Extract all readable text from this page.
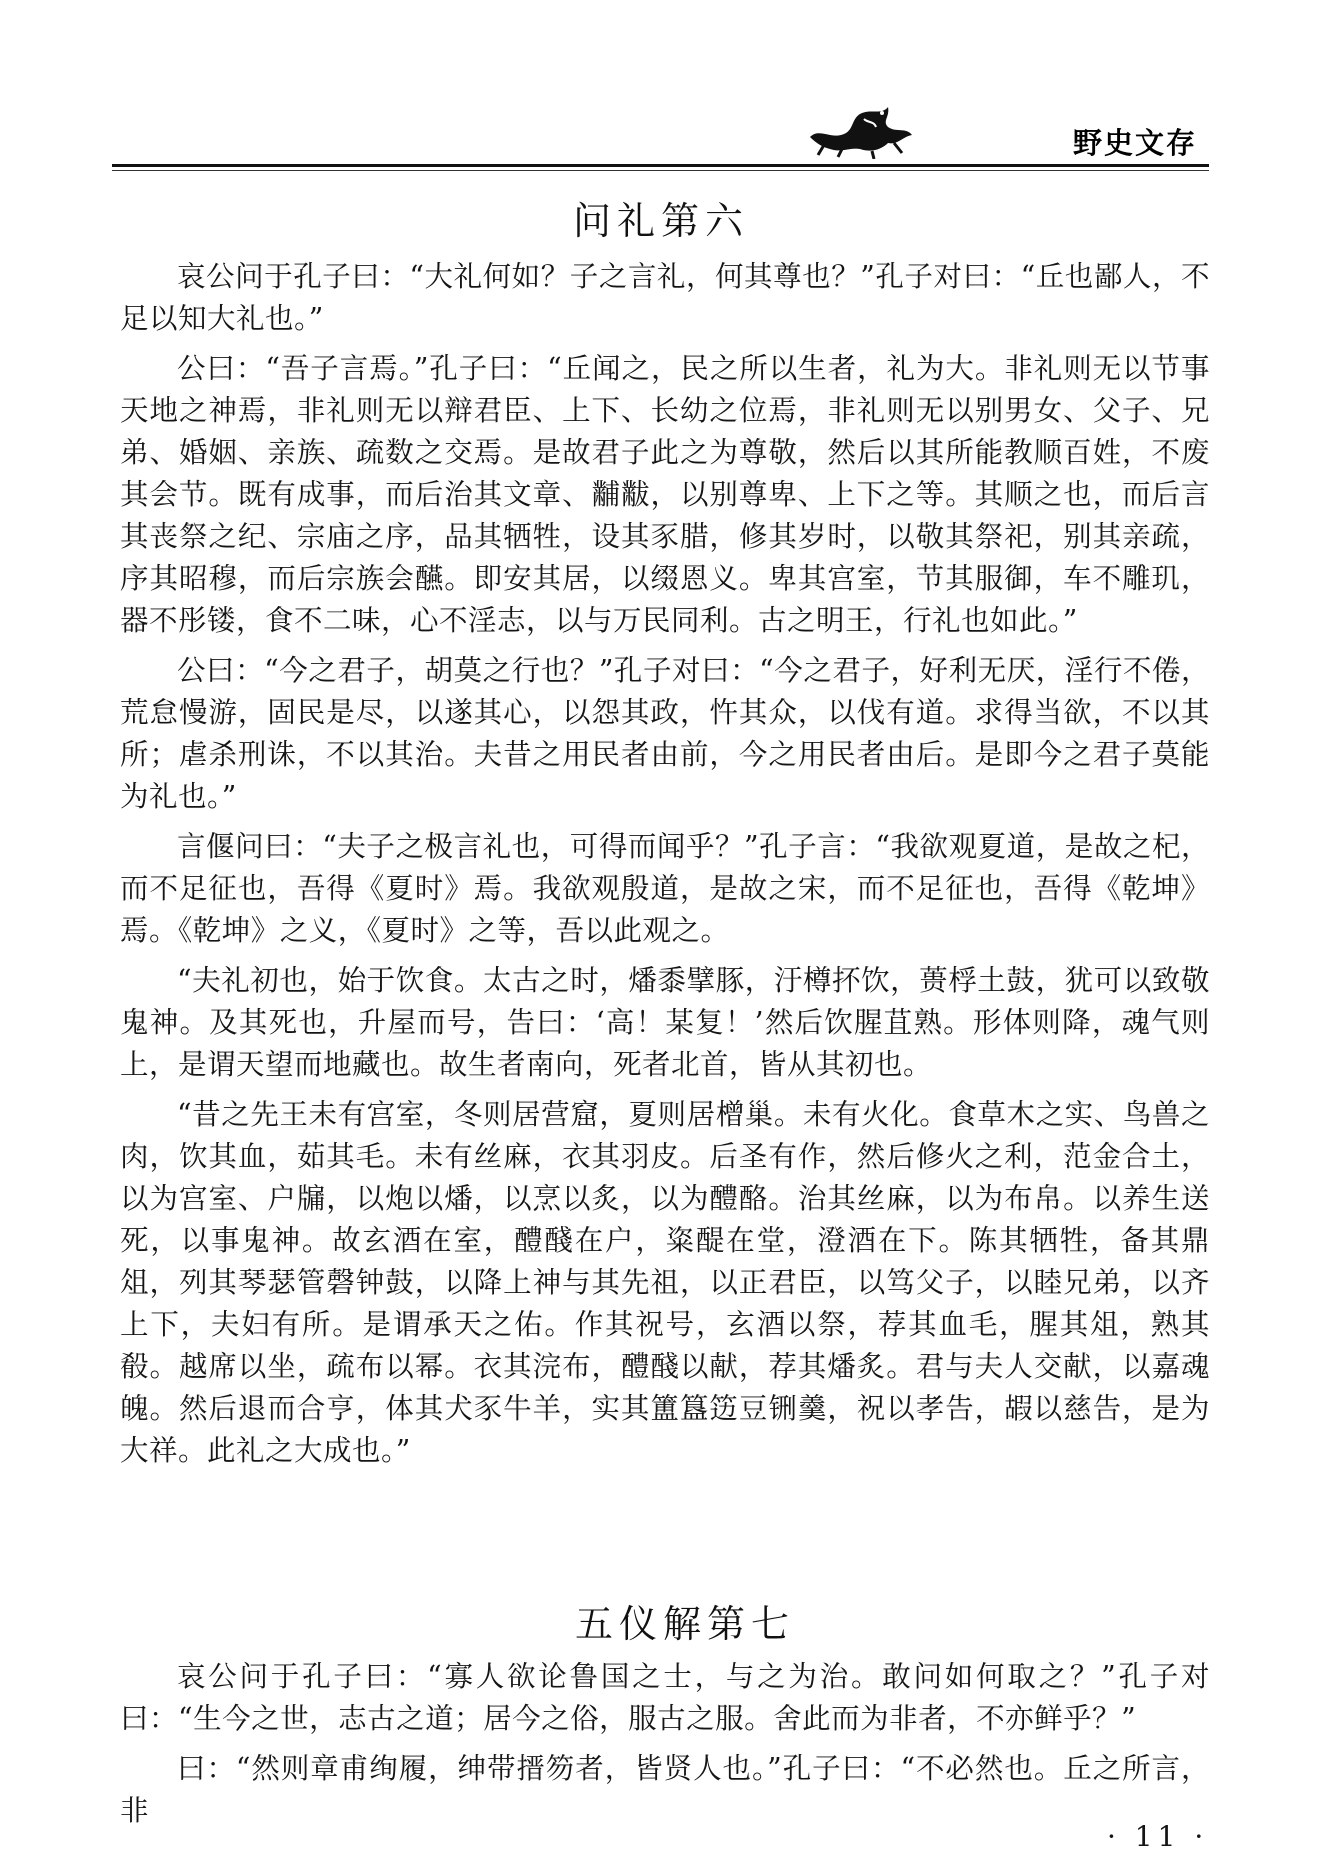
野史文存
问礼第六

哀公问于孔子曰：“大礼何如？子之言礼，何其尊也？”孔子对曰：“丘也鄙人，不足以知大礼也。”

公曰：“吾子言焉。”孔子曰：“丘闻之，民之所以生者，礼为大。非礼则无以节事天地之神焉，非礼则无以辩君臣、上下、长幼之位焉，非礼则无以别男女、父子、兄弟、婚姻、亲族、疏数之交焉。是故君子此之为尊敬，然后以其所能教顺百姓，不废其会节。既有成事，而后治其文章、黼黻，以别尊卑、上下之等。其顺之也，而后言其丧祭之纪、宗庙之序，品其牺牲，设其豕腊，修其岁时，以敬其祭祀，别其亲疏，序其昭穆，而后宗族会醼。即安其居，以缀恩义。卑其宫室，节其服御，车不雕玑，器不彤镂，食不二味，心不淫志，以与万民同利。古之明王，行礼也如此。”

公曰：“今之君子，胡莫之行也？”孔子对曰：“今之君子，好利无厌，淫行不倦，荒怠慢游，固民是尽，以遂其心，以怨其政，忤其众，以伐有道。求得当欲，不以其所；虐杀刑诛，不以其治。夫昔之用民者由前，今之用民者由后。是即今之君子莫能为礼也。”

言偃问曰：“夫子之极言礼也，可得而闻乎？”孔子言：“我欲观夏道，是故之杞，而不足征也，吾得《夏时》焉。我欲观殷道，是故之宋，而不足征也，吾得《乾坤》焉。《乾坤》之义，《夏时》之等，吾以此观之。

“夫礼初也，始于饮食。太古之时，燔黍擘豚，汙樽抔饮，蒉桴土鼓，犹可以致敬鬼神。及其死也，升屋而号，告曰：‘高！某复！’然后饮腥苴熟。形体则降，魂气则上，是谓天望而地藏也。故生者南向，死者北首，皆从其初也。

“昔之先王未有宫室，冬则居营窟，夏则居橧巢。未有火化。食草木之实、鸟兽之肉，饮其血，茹其毛。未有丝麻，衣其羽皮。后圣有作，然后修火之利，范金合土，以为宫室、户牖，以炮以燔，以烹以炙，以为醴酪。治其丝麻，以为布帛。以养生送死，以事鬼神。故玄酒在室，醴醆在户，粢醍在堂，澄酒在下。陈其牺牲，备其鼎俎，列其琴瑟管磬钟鼓，以降上神与其先祖，以正君臣，以笃父子，以睦兄弟，以齐上下，夫妇有所。是谓承天之佑。作其祝号，玄酒以祭，荐其血毛，腥其俎，熟其殽。越席以坐，疏布以幂。衣其浣布，醴醆以献，荐其燔炙。君与夫人交献，以嘉魂魄。然后退而合亨，体其犬豕牛羊，实其簠簋笾豆铏羹，祝以孝告，嘏以慈告，是为大祥。此礼之大成也。”

五仪解第七

哀公问于孔子曰：“寡人欲论鲁国之士，与之为治。敢问如何取之？”孔子对曰：“生今之世，志古之道；居今之俗，服古之服。舍此而为非者，不亦鲜乎？”

曰：“然则章甫绚履，绅带搢笏者，皆贤人也。”孔子曰：“不必然也。丘之所言，非

· 11 ·
